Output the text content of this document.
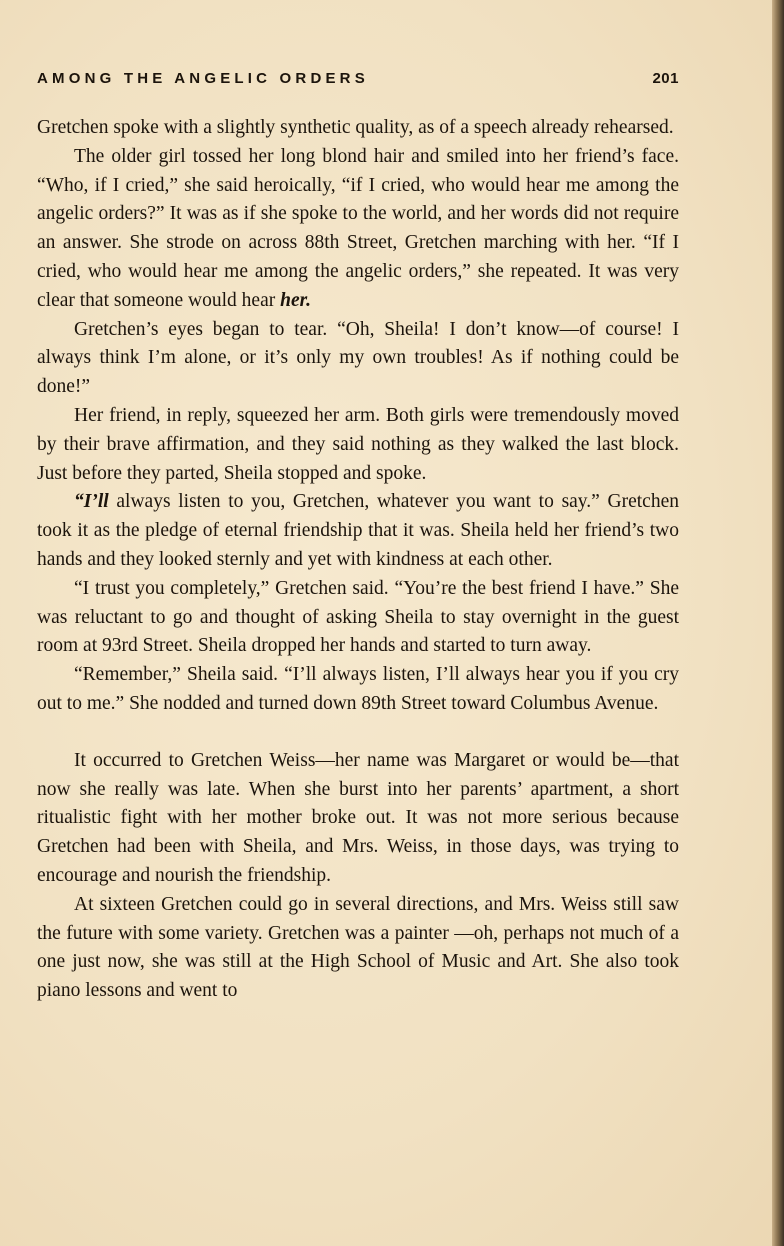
AMONG THE ANGELIC ORDERS	201

Gretchen spoke with a slightly synthetic quality, as of a speech already rehearsed.

The older girl tossed her long blond hair and smiled into her friend’s face. “Who, if I cried,” she said heroically, “if I cried, who would hear me among the angelic orders?” It was as if she spoke to the world, and her words did not require an answer. She strode on across 88th Street, Gretchen marching with her. “If I cried, who would hear me among the angelic orders,” she repeated. It was very clear that someone would hear her.

Gretchen’s eyes began to tear. “Oh, Sheila! I don’t know—of course! I always think I’m alone, or it’s only my own troubles! As if nothing could be done!”

Her friend, in reply, squeezed her arm. Both girls were tremendously moved by their brave affirmation, and they said nothing as they walked the last block. Just before they parted, Sheila stopped and spoke.

“I’ll always listen to you, Gretchen, whatever you want to say.” Gretchen took it as the pledge of eternal friendship that it was. Sheila held her friend’s two hands and they looked sternly and yet with kindness at each other.

“I trust you completely,” Gretchen said. “You’re the best friend I have.” She was reluctant to go and thought of asking Sheila to stay overnight in the guest room at 93rd Street. Sheila dropped her hands and started to turn away.

“Remember,” Sheila said. “I’ll always listen, I’ll always hear you if you cry out to me.” She nodded and turned down 89th Street toward Columbus Avenue.

It occurred to Gretchen Weiss—her name was Margaret or would be—that now she really was late. When she burst into her parents’ apartment, a short ritualistic fight with her mother broke out. It was not more serious because Gretchen had been with Sheila, and Mrs. Weiss, in those days, was trying to encourage and nourish the friendship.

At sixteen Gretchen could go in several directions, and Mrs. Weiss still saw the future with some variety. Gretchen was a painter —oh, perhaps not much of a one just now, she was still at the High School of Music and Art. She also took piano lessons and went to
